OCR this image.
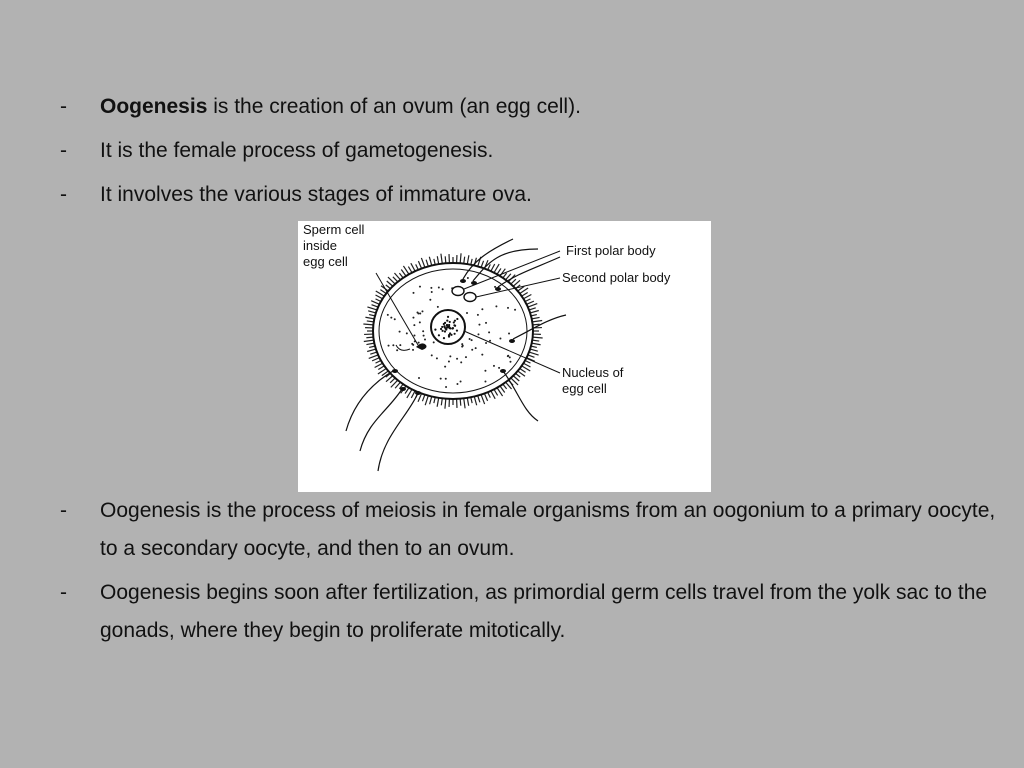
- Oogenesis is the creation of an ovum (an egg cell).
- It is the female process of gametogenesis.
- It involves the various stages of immature ova.
Sperm cell
inside
egg cell
First polar body
Second polar body
Nucleus of
egg cell
- Oogenesis is the process of meiosis in female organisms from an oogonium to a primary oocyte, to a secondary oocyte, and then to an ovum.
- Oogenesis begins soon after fertilization, as primordial germ cells travel from the yolk sac to the gonads, where they begin to proliferate mitotically.
